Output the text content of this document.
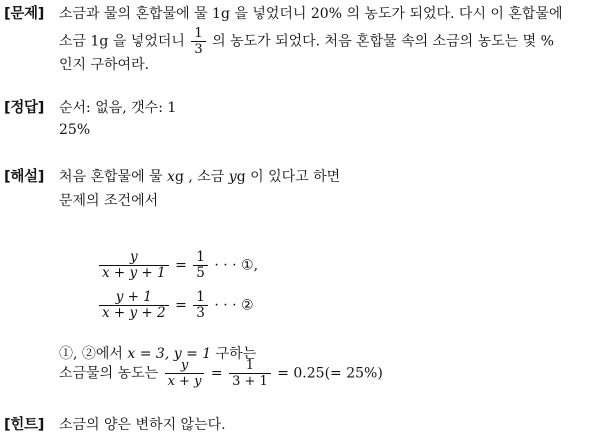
[문제] 소금과 물의 혼합물에 물 1g 을 넣었더니 20% 의 농도가 되었다. 다시 이 혼합물에
소금 1g 을 넣었더니 $\frac{1}{3}$ 의 농도가 되었다. 처음 혼합물 속의 소금의 농도는 몇 %
인지 구하여라.
[정답] 순서: 없음, 갯수: 1
25%
[해설] 처음 혼합물에 물 xg , 소금 yg 이 있다고 하면
문제의 조건에서
$\frac{y}{x + y + 1} = \frac{1}{5}$ · · · ①,
$\frac{y + 1}{x + y + 2} = \frac{1}{3}$ · · · ②
①, ②에서 x = 3, y = 1 구하는
소금물의 농도는 $\frac{y}{x + y} = \frac{1}{3 + 1} = 0.25(= 25\%)$
[힌트] 소금의 양은 변하지 않는다.
